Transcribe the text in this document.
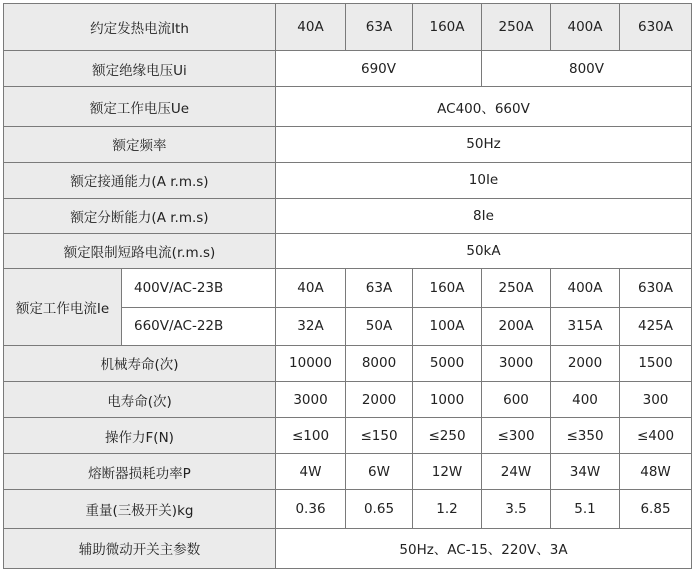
约定发热电流Ith		40A	63A	160A	250A	400A	630A
额定绝缘电压Ui		690V			800V		
额定工作电压Ue		AC400、660V					
额定频率		50Hz					
额定接通能力(A r.m.s)		10Ie					
额定分断能力(A r.m.s)		8Ie					
额定限制短路电流(r.m.s)		50kA					
额定工作电流Ie	400V/AC-23B	40A	63A	160A	250A	400A	630A
	660V/AC-22B	32A	50A	100A	200A	315A	425A
机械寿命(次)		10000	8000	5000	3000	2000	1500
电寿命(次)		3000	2000	1000	600	400	300
操作力F(N)		≤100	≤150	≤250	≤300	≤350	≤400
熔断器损耗功率P		4W	6W	12W	24W	34W	48W
重量(三极开关)kg		0.36	0.65	1.2	3.5	5.1	6.85
辅助微动开关主参数		50Hz、AC-15、220V、3A					
